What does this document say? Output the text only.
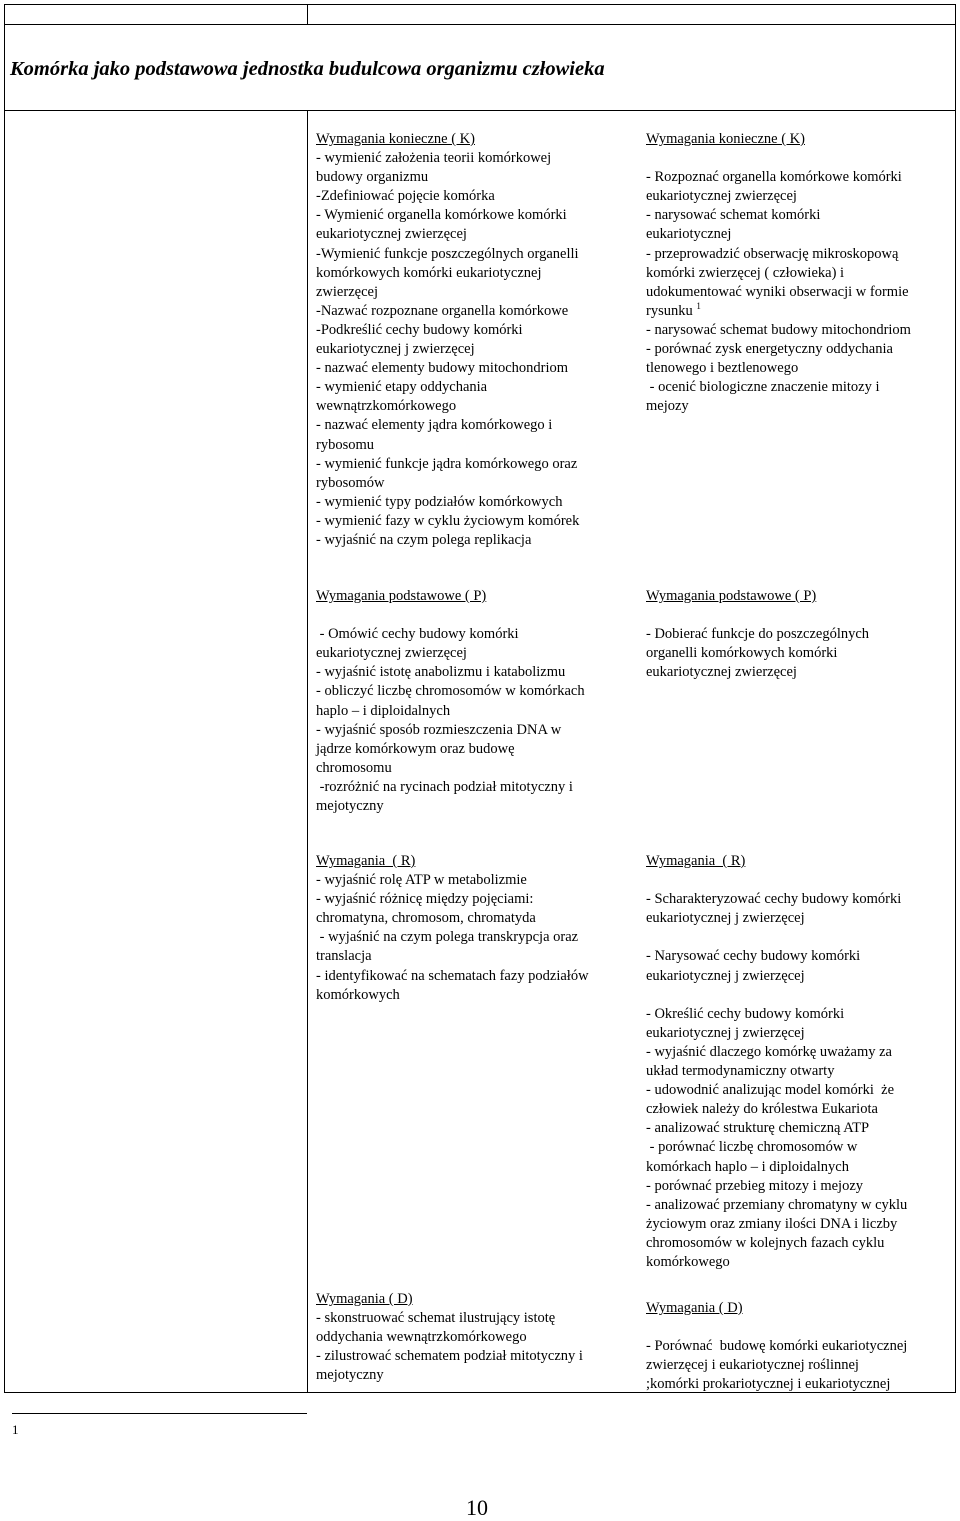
Komórka jako podstawowa jednostka budulcowa organizmu człowieka
Wymagania konieczne ( K)
- wymienić założenia teorii komórkowej
budowy organizmu
-Zdefiniować pojęcie komórka
- Wymienić organella komórkowe komórki
eukariotycznej zwierzęcej
-Wymienić funkcje poszczególnych organelli
komórkowych komórki eukariotycznej
zwierzęcej
-Nazwać rozpoznane organella komórkowe
-Podkreślić cechy budowy komórki
eukariotycznej j zwierzęcej
- nazwać elementy budowy mitochondriom
- wymienić etapy oddychania
wewnątrzkomórkowego
- nazwać elementy jądra komórkowego i
rybosomu
- wymienić funkcje jądra komórkowego oraz
rybosomów
- wymienić typy podziałów komórkowych
- wymienić fazy w cyklu życiowym komórek
- wyjaśnić na czym polega replikacja
Wymagania podstawowe ( P)
- Omówić cechy budowy komórki
eukariotycznej zwierzęcej
- wyjaśnić istotę anabolizmu i katabolizmu
- obliczyć liczbę chromosomów w komórkach
haplo – i diploidalnych
- wyjaśnić sposób rozmieszczenia DNA w
jądrze komórkowym oraz budowę
chromosomu
-rozróżnić na rycinach podział mitotyczny i
mejotyczny
Wymagania  ( R)
- wyjaśnić rolę ATP w metabolizmie
- wyjaśnić różnicę między pojęciami:
chromatyna, chromosom, chromatyda
- wyjaśnić na czym polega transkrypcja oraz
translacja
- identyfikować na schematach fazy podziałów
komórkowych
Wymagania ( D)
- skonstruować schemat ilustrujący istotę
oddychania wewnątrzkomórkowego
- zilustrować schematem podział mitotyczny i
mejotyczny
Wymagania konieczne ( K)
- Rozpoznać organella komórkowe komórki
eukariotycznej zwierzęcej
- narysować schemat komórki
eukariotycznej
- przeprowadzić obserwację mikroskopową
komórki zwierzęcej ( człowieka) i
udokumentować wyniki obserwacji w formie
rysunku $^1$
- narysować schemat budowy mitochondriom
- porównać zysk energetyczny oddychania
tlenowego i beztlenowego
- ocenić biologiczne znaczenie mitozy i
mejozy
Wymagania podstawowe ( P)
- Dobierać funkcje do poszczególnych
organelli komórkowych komórki
eukariotycznej zwierzęcej
Wymagania  ( R)
- Scharakteryzować cechy budowy komórki
eukariotycznej j zwierzęcej
- Narysować cechy budowy komórki
eukariotycznej j zwierzęcej
- Określić cechy budowy komórki
eukariotycznej j zwierzęcej
- wyjaśnić dlaczego komórkę uważamy za
układ termodynamiczny otwarty
- udowodnić analizując model komórki  że
człowiek należy do królestwa Eukariota
- analizować strukturę chemiczną ATP
- porównać liczbę chromosomów w
komórkach haplo – i diploidalnych
- porównać przebieg mitozy i mejozy
- analizować przemiany chromatyny w cyklu
życiowym oraz zmiany ilości DNA i liczby
chromosomów w kolejnych fazach cyklu
komórkowego
Wymagania ( D)
- Porównać  budowę komórki eukariotycznej
zwierzęcej i eukariotycznej roślinnej
;komórki prokariotycznej i eukariotycznej
1
10
